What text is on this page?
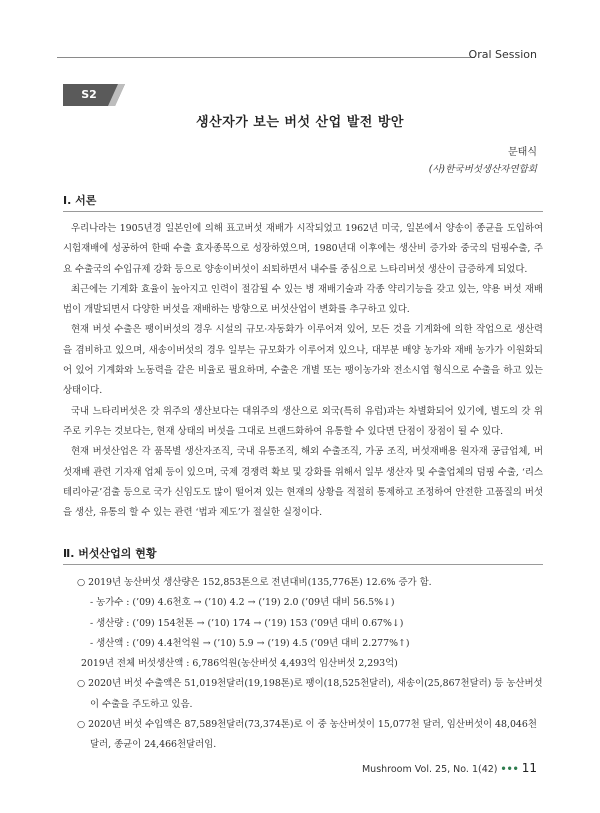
Oral Session
S2
생산자가 보는 버섯 산업 발전 방안
문태식
(사)한국버섯생산자연합회
Ⅰ. 서론

우리나라는 1905년경 일본인에 의해 표고버섯 재배가 시작되었고 1962년 미국, 일본에서 양송이 종균을 도입하여 시험재배에 성공하여 한때 수출 효자종목으로 성장하였으며, 1980년대 이후에는 생산비 증가와 중국의 덤핑수출, 주요 수출국의 수입규제 강화 등으로 양송이버섯이 쇠퇴하면서 내수를 중심으로 느타리버섯 생산이 급증하게 되었다.

최근에는 기계화 효율이 높아지고 인력이 절감될 수 있는 병 재배기술과 각종 약리기능을 갖고 있는, 약용 버섯 재배법이 개발되면서 다양한 버섯을 재배하는 방향으로 버섯산업이 변화를 추구하고 있다.

현재 버섯 수출은 팽이버섯의 경우 시설의 규모·자동화가 이루어져 있어, 모든 것을 기계화에 의한 작업으로 생산력을 겸비하고 있으며, 새송이버섯의 경우 일부는 규모화가 이루어져 있으나, 대부분 배양 농가와 재배 농가가 이원화되어 있어 기계화와 노동력을 같은 비율로 필요하며, 수출은 개별 또는 팽이농가와 전소시엽 형식으로 수출을 하고 있는 상태이다.

국내 느타리버섯은 갓 위주의 생산보다는 대위주의 생산으로 외국(특히 유럽)과는 차별화되어 있기에, 별도의 갓 위주로 키우는 것보다는, 현재 상태의 버섯을 그대로 브랜드화하여 유통할 수 있다면 단점이 장점이 될 수 있다.

현재 버섯산업은 각 품목별 생산자조직, 국내 유통조직, 해외 수출조직, 가공 조직, 버섯재배용 원자재 공급업체, 버섯재배 관련 기자재 업체 등이 있으며, 국제 경쟁력 확보 및 강화를 위해서 일부 생산자 및 수출업체의 덤핑 수출, ‘리스테리아균’검출 등으로 국가 신임도도 많이 떨어져 있는 현재의 상황을 적절히 통제하고 조정하여 안전한 고품질의 버섯을 생산, 유통의 할 수 있는 관련 ‘법과 제도’가 절실한 실정이다.

Ⅱ. 버섯산업의 현황

○ 2019년 농산버섯 생산량은 152,853톤으로 전년대비(135,776톤) 12.6% 증가 함.

- 농가수 : (’09) 4.6천호 → (’10) 4.2 → (’19) 2.0 (’09년 대비 56.5%↓)

- 생산량 : (’09) 154천톤 → (’10) 174 → (’19) 153 (’09년 대비 0.67%↓)

- 생산액 : (’09) 4.4천억원 → (’10) 5.9 → (’19) 4.5 (’09년 대비 2.277%↑)

2019년 전체 버섯생산액 : 6,786억원(농산버섯 4,493억 임산버섯 2,293억)

○ 2020년 버섯 수출액은 51,019천달러(19,198톤)로 팽이(18,525천달러), 새송이(25,867천달러) 등 농산버섯이 수출을 주도하고 있음.

○ 2020년 버섯 수입액은 87,589천달러(73,374톤)로 이 중 농산버섯이 15,077천 달러, 임산버섯이 48,046천달러, 종균이 24,466천달러임.

Mushroom Vol. 25, No. 1(42) ••• 11
